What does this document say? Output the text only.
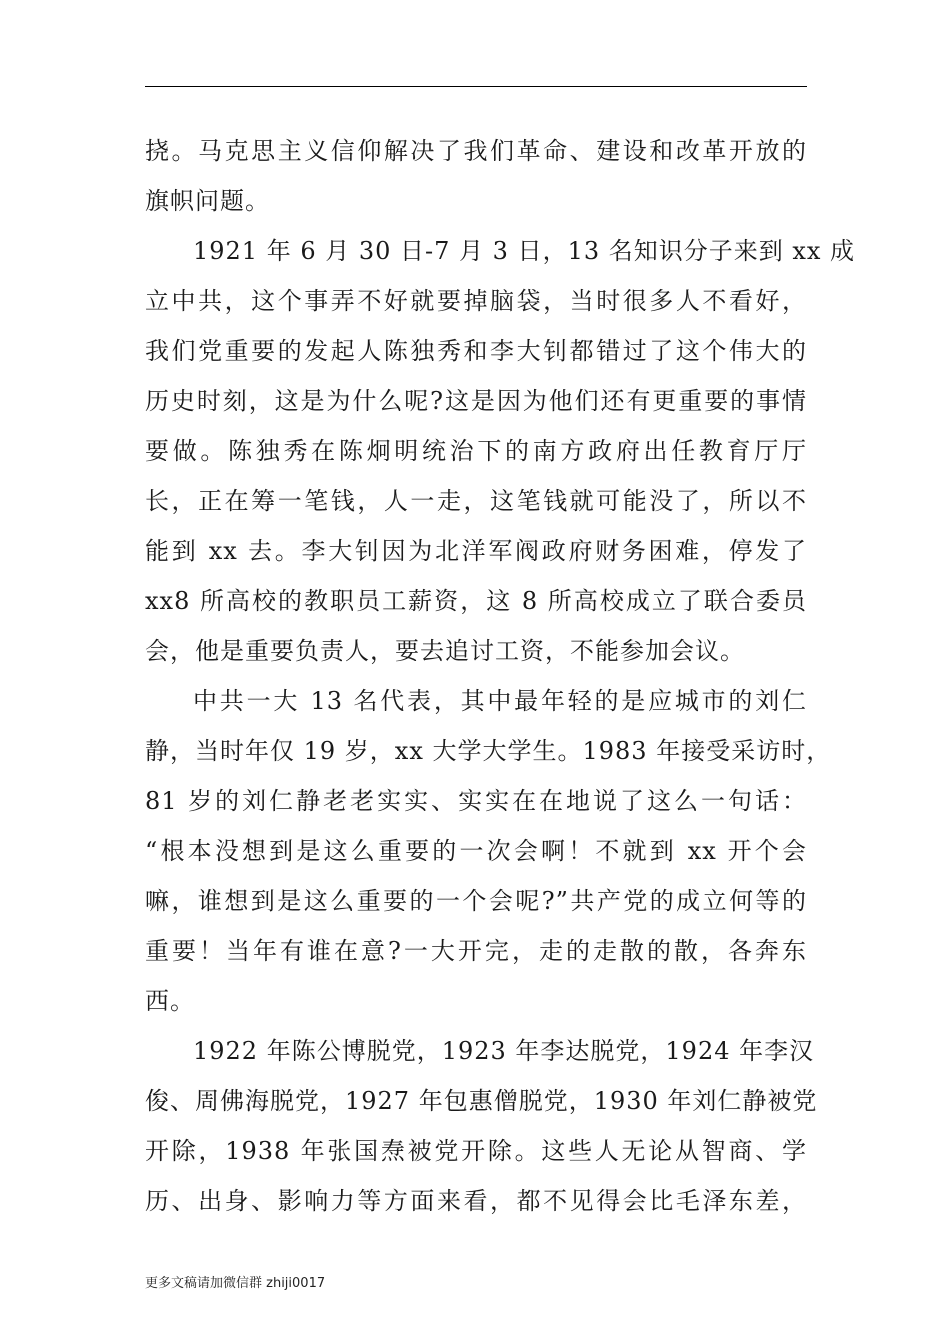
挠。马克思主义信仰解决了我们革命、建设和改革开放的
旗帜问题。
1921 年 6 月 30 日-7 月 3 日，13 名知识分子来到 xx 成
立中共，这个事弄不好就要掉脑袋，当时很多人不看好，
我们党重要的发起人陈独秀和李大钊都错过了这个伟大的
历史时刻，这是为什么呢?这是因为他们还有更重要的事情
要做。陈独秀在陈炯明统治下的南方政府出任教育厅厅
长，正在筹一笔钱，人一走，这笔钱就可能没了，所以不
能到 xx 去。李大钊因为北洋军阀政府财务困难，停发了
xx8 所高校的教职员工薪资，这 8 所高校成立了联合委员
会，他是重要负责人，要去追讨工资，不能参加会议。
中共一大 13 名代表，其中最年轻的是应城市的刘仁
静，当时年仅 19 岁，xx 大学大学生。1983 年接受采访时，
81 岁的刘仁静老老实实、实实在在地说了这么一句话：
“根本没想到是这么重要的一次会啊！不就到 xx 开个会
嘛，谁想到是这么重要的一个会呢?”共产党的成立何等的
重要！当年有谁在意?一大开完，走的走散的散，各奔东
西。
1922 年陈公博脱党，1923 年李达脱党，1924 年李汉
俊、周佛海脱党，1927 年包惠僧脱党，1930 年刘仁静被党
开除，1938 年张国焘被党开除。这些人无论从智商、学
历、出身、影响力等方面来看，都不见得会比毛泽东差，
更多文稿请加微信群 zhiji0017
